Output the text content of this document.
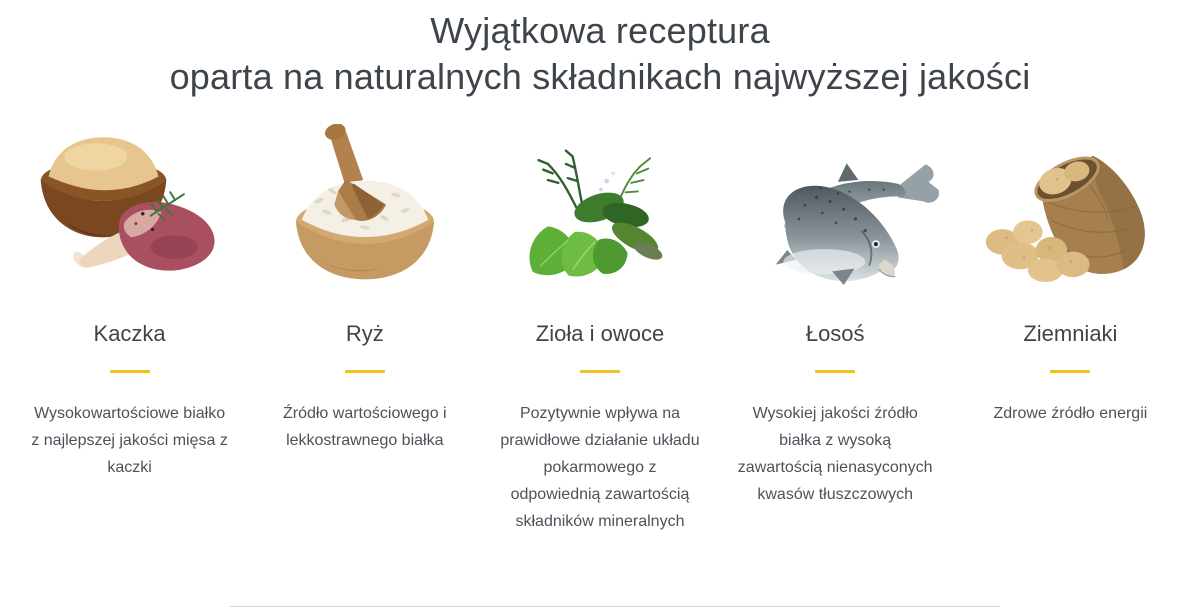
Wyjątkowa receptura
oparta na naturalnych składnikach najwyższej jakości
Kaczka

Wysokowartościowe białko z najlepszej jakości mięsa z kaczki

Ryż

Źródło wartościowego i lekkostrawnego białka

Zioła i owoce

Pozytywnie wpływa na prawidłowe działanie układu pokarmowego z odpowiednią zawartością składników mineralnych

Łosoś

Wysokiej jakości źródło białka z wysoką zawartością nienasyconych kwasów tłuszczowych

Ziemniaki

Zdrowe źródło energii
